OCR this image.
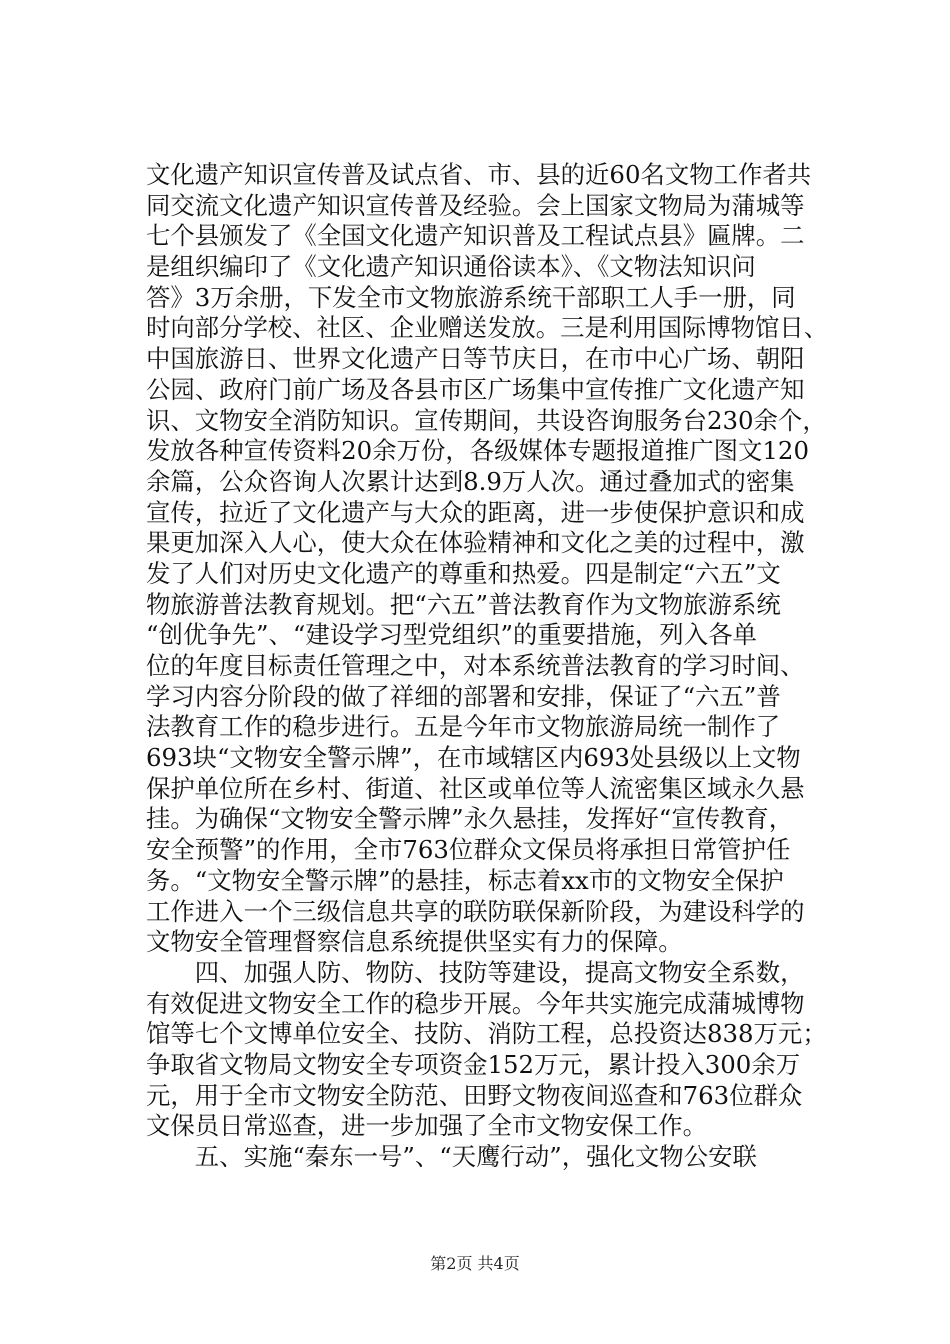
文化遗产知识宣传普及试点省、市、县的近60名文物工作者共
同交流文化遗产知识宣传普及经验。会上国家文物局为蒲城等
七个县颁发了《全国文化遗产知识普及工程试点县》匾牌。二
是组织编印了《文化遗产知识通俗读本》、《文物法知识问
答》3万余册，下发全市文物旅游系统干部职工人手一册，同
时向部分学校、社区、企业赠送发放。三是利用国际博物馆日、
中国旅游日、世界文化遗产日等节庆日，在市中心广场、朝阳
公园、政府门前广场及各县市区广场集中宣传推广文化遗产知
识、文物安全消防知识。宣传期间，共设咨询服务台230余个，
发放各种宣传资料20余万份，各级媒体专题报道推广图文120
余篇，公众咨询人次累计达到8.9万人次。通过叠加式的密集
宣传，拉近了文化遗产与大众的距离，进一步使保护意识和成
果更加深入人心，使大众在体验精神和文化之美的过程中，激
发了人们对历史文化遗产的尊重和热爱。四是制定“六五”文
物旅游普法教育规划。把“六五”普法教育作为文物旅游系统
“创优争先”、“建设学习型党组织”的重要措施，列入各单
位的年度目标责任管理之中，对本系统普法教育的学习时间、
学习内容分阶段的做了祥细的部署和安排，保证了“六五”普
法教育工作的稳步进行。五是今年市文物旅游局统一制作了
693块“文物安全警示牌”，在市域辖区内693处县级以上文物
保护单位所在乡村、街道、社区或单位等人流密集区域永久悬
挂。为确保“文物安全警示牌”永久悬挂，发挥好“宣传教育，
安全预警”的作用，全市763位群众文保员将承担日常管护任
务。“文物安全警示牌”的悬挂，标志着xx市的文物安全保护
工作进入一个三级信息共享的联防联保新阶段，为建设科学的
文物安全管理督察信息系统提供坚实有力的保障。
　　四、加强人防、物防、技防等建设，提高文物安全系数，
有效促进文物安全工作的稳步开展。今年共实施完成蒲城博物
馆等七个文博单位安全、技防、消防工程，总投资达838万元；
争取省文物局文物安全专项资金152万元，累计投入300余万
元，用于全市文物安全防范、田野文物夜间巡查和763位群众
文保员日常巡查，进一步加强了全市文物安保工作。
　　五、实施“秦东一号”、“天鹰行动”，强化文物公安联
第2页 共4页
